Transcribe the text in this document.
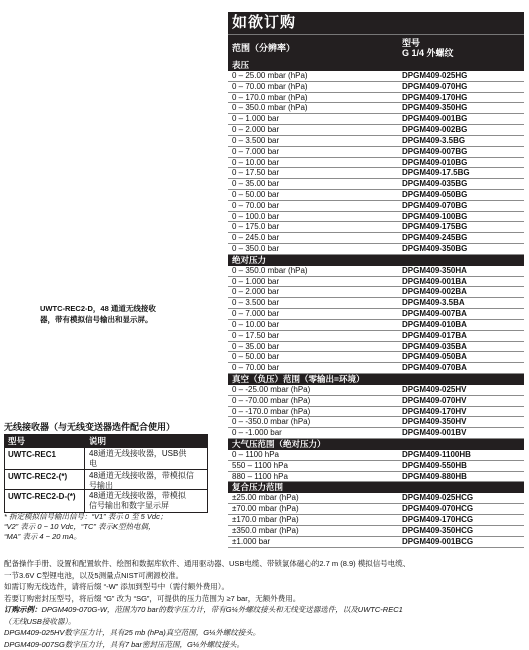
如欲订购
范围（分辨率）
型号
G 1/4 外螺纹
表压
0 – 25.00 mbar (hPa)	DPGM409-025HG
0 – 70.00 mbar (hPa)	DPGM409-070HG
0 – 170.0 mbar (hPa)	DPGM409-170HG
0 – 350.0 mbar (hPa)	DPGM409-350HG
0 – 1.000 bar	DPGM409-001BG
0 – 2.000 bar	DPGM409-002BG
0 – 3.500 bar	DPGM409-3.5BG
0 – 7.000 bar	DPGM409-007BG
0 – 10.00 bar	DPGM409-010BG
0 – 17.50 bar	DPGM409-17.5BG
0 – 35.00 bar	DPGM409-035BG
0 – 50.00 bar	DPGM409-050BG
0 – 70.00 bar	DPGM409-070BG
0 – 100.0 bar	DPGM409-100BG
0 – 175.0 bar	DPGM409-175BG
0 – 245.0 bar	DPGM409-245BG
0 – 350.0 bar	DPGM409-350BG
绝对压力
0 – 350.0 mbar (hPa)	DPGM409-350HA
0 – 1.000 bar	DPGM409-001BA
0 – 2.000 bar	DPGM409-002BA
0 – 3.500 bar	DPGM409-3.5BA
0 – 7.000 bar	DPGM409-007BA
0 – 10.00 bar	DPGM409-010BA
0 – 17.50 bar	DPGM409-017BA
0 – 35.00 bar	DPGM409-035BA
0 – 50.00 bar	DPGM409-050BA
0 – 70.00 bar	DPGM409-070BA
真空（负压）范围（零输出=环境）
0 – -25.00 mbar (hPa)	DPGM409-025HV
0 – -70.00 mbar (hPa)	DPGM409-070HV
0 – -170.0 mbar (hPa)	DPGM409-170HV
0 – -350.0 mbar (hPa)	DPGM409-350HV
0 – -1.000 bar	DPGM409-001BV
大气压范围（绝对压力）
0 – 1100 hPa	DPGM409-1100HB
550 – 1100 hPa	DPGM409-550HB
880 – 1100 hPa	DPGM409-880HB
复合压力范围
±25.00 mbar (hPa)	DPGM409-025HCG
±70.00 mbar (hPa)	DPGM409-070HCG
±170.0 mbar (hPa)	DPGM409-170HCG
±350.0 mbar (hPa)	DPGM409-350HCG
±1.000 bar	DPGM409-001BCG
UWTC-REC2-D，48 通道无线接收
器，带有模拟信号输出和显示屏。
无线接收器（与无线变送器选件配合使用）
型号	说明
UWTC-REC1	48通道无线接收器，USB供
电
UWTC-REC2-(*)	48通道无线接收器，带模拟信
号输出
UWTC-REC2-D-(*)	48通道无线接收器，带模拟
信号输出和数字显示屏
* 指定模拟信号输出信号：“V1” 表示 0 至 5 Vdc；
“V2” 表示 0 ~ 10 Vdc，“TC” 表示K型热电偶，
“MA” 表示 4 ~ 20 mA。
配备操作手册、设置和配置软件、绘图和数据库软件、通用驱动器、USB电缆、带锁氯体磁心的2.7 m (8.9) 模拟信号电缆、
一节3.6V C型锂电池，以及5测量点NIST可溯源校准。
如需订购无线选件，请将后缀 “-W” 添加到型号中（需付额外费用）。
若要订购密封压型号，将后缀 “G” 改为 “SG”，可提供的压力范围为 ≥7 bar，无额外费用。
订购示例：DPGM409-070G-W，范围为70 bar的数字压力计，带有G¼外螺纹接头和无线变送器选件，以及UWTC-REC1
（无线USB接收器）。
DPGM409-025HV数字压力计，具有25 mb (hPa)真空范围，G¼外螺纹接头。
DPGM409-007SG数字压力计，具有7 bar密封压范围，G¼外螺纹接头。
